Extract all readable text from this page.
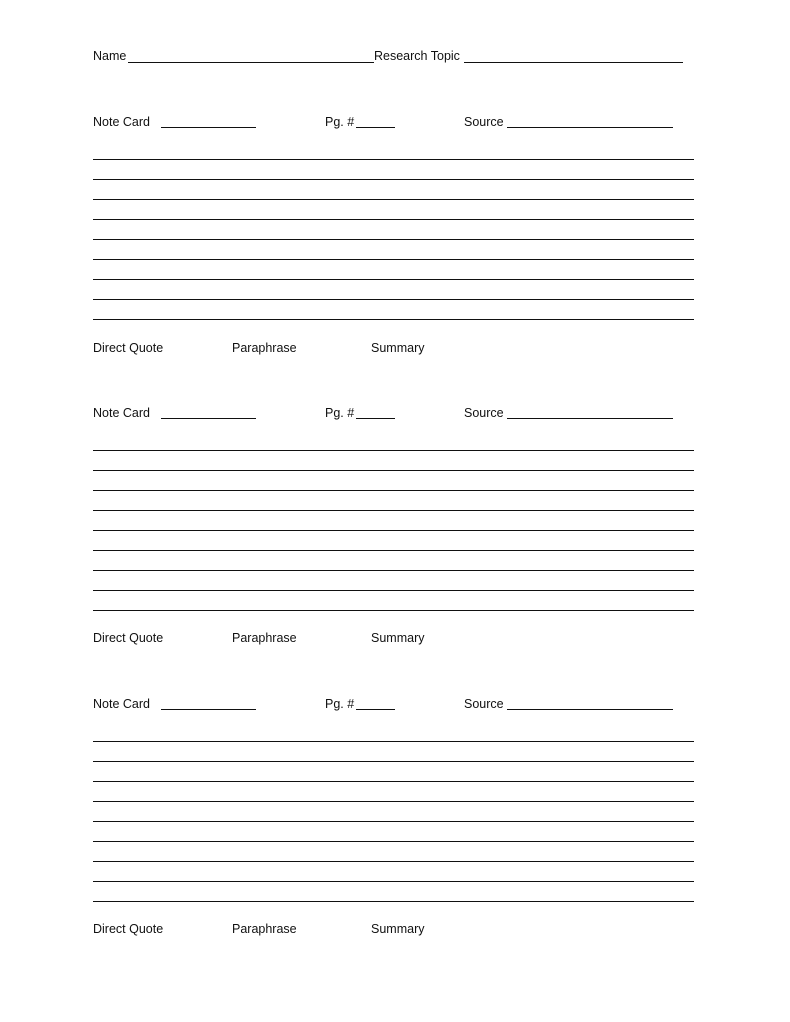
Name	Research Topic
Note Card	Pg. #	Source
Direct Quote	Paraphrase	Summary
Note Card	Pg. #	Source
Direct Quote	Paraphrase	Summary
Note Card	Pg. #	Source
Direct Quote	Paraphrase	Summary
